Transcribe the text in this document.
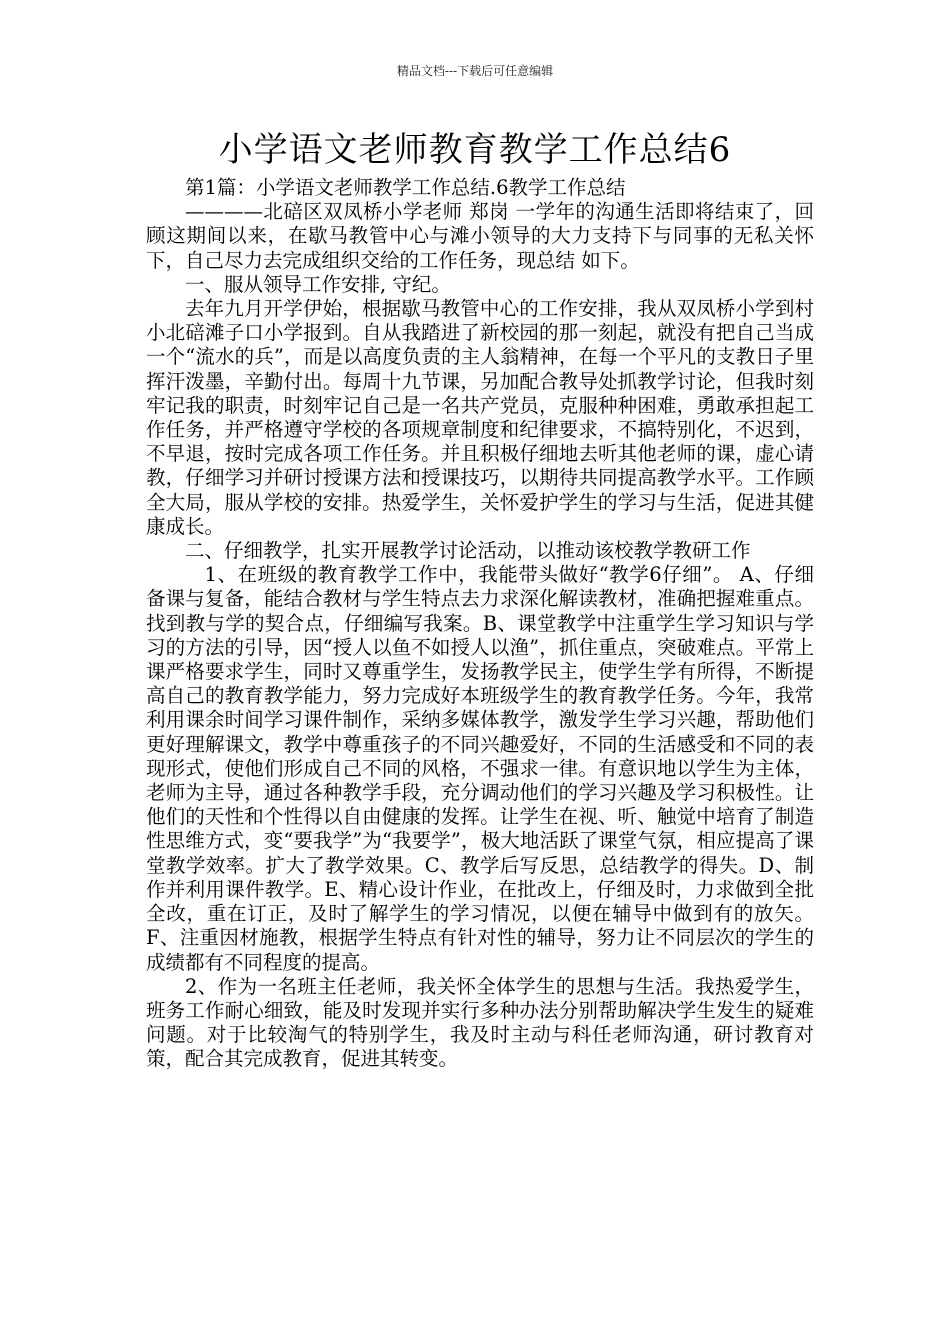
精品文档---下载后可任意编辑
小学语文老师教育教学工作总结6

第1篇：小学语文老师教学工作总结.6教学工作总结

————北碚区双凤桥小学老师 郑岗 一学年的沟通生活即将结束了，回顾这期间以来，在歇马教管中心与滩小领导的大力支持下与同事的无私关怀下，自己尽力去完成组织交给的工作任务，现总结 如下。

一、服从领导工作安排, 守纪。

去年九月开学伊始，根据歇马教管中心的工作安排，我从双凤桥小学到村小北碚滩子口小学报到。自从我踏进了新校园的那一刻起，就没有把自己当成一个“流水的兵”，而是以高度负责的主人翁精神，在每一个平凡的支教日子里挥汗泼墨，辛勤付出。每周十九节课，另加配合教导处抓教学讨论，但我时刻牢记我的职责，时刻牢记自己是一名共产党员，克服种种困难，勇敢承担起工作任务，并严格遵守学校的各项规章制度和纪律要求，不搞特别化，不迟到，不早退，按时完成各项工作任务。并且积极仔细地去听其他老师的课，虚心请教，仔细学习并研讨授课方法和授课技巧，以期待共同提高教学水平。工作顾全大局，服从学校的安排。热爱学生，关怀爱护学生的学习与生活，促进其健康成长。

二、仔细教学，扎实开展教学讨论活动，以推动该校教学教研工作

1、在班级的教育教学工作中，我能带头做好“教学6仔细”。 A、仔细备课与复备，能结合教材与学生特点去力求深化解读教材，准确把握难重点。找到教与学的契合点，仔细编写我案。B、课堂教学中注重学生学习知识与学习的方法的引导，因“授人以鱼不如授人以渔”，抓住重点，突破难点。平常上课严格要求学生，同时又尊重学生，发扬教学民主，使学生学有所得，不断提高自己的教育教学能力，努力完成好本班级学生的教育教学任务。今年，我常利用课余时间学习课件制作，采纳多媒体教学，激发学生学习兴趣，帮助他们更好理解课文，教学中尊重孩子的不同兴趣爱好，不同的生活感受和不同的表现形式，使他们形成自己不同的风格，不强求一律。有意识地以学生为主体，老师为主导，通过各种教学手段，充分调动他们的学习兴趣及学习积极性。让他们的天性和个性得以自由健康的发挥。让学生在视、听、触觉中培育了制造性思维方式，变“要我学”为“我要学”，极大地活跃了课堂气氛，相应提高了课堂教学效率。扩大了教学效果。C、教学后写反思，总结教学的得失。D、制作并利用课件教学。E、精心设计作业，在批改上，仔细及时，力求做到全批全改，重在订正，及时了解学生的学习情况，以便在辅导中做到有的放矢。F、注重因材施教，根据学生特点有针对性的辅导，努力让不同层次的学生的成绩都有不同程度的提高。

2、作为一名班主任老师，我关怀全体学生的思想与生活。我热爱学生，班务工作耐心细致，能及时发现并实行多种办法分别帮助解决学生发生的疑难问题。对于比较淘气的特别学生，我及时主动与科任老师沟通，研讨教育对策，配合其完成教育，促进其转变。
